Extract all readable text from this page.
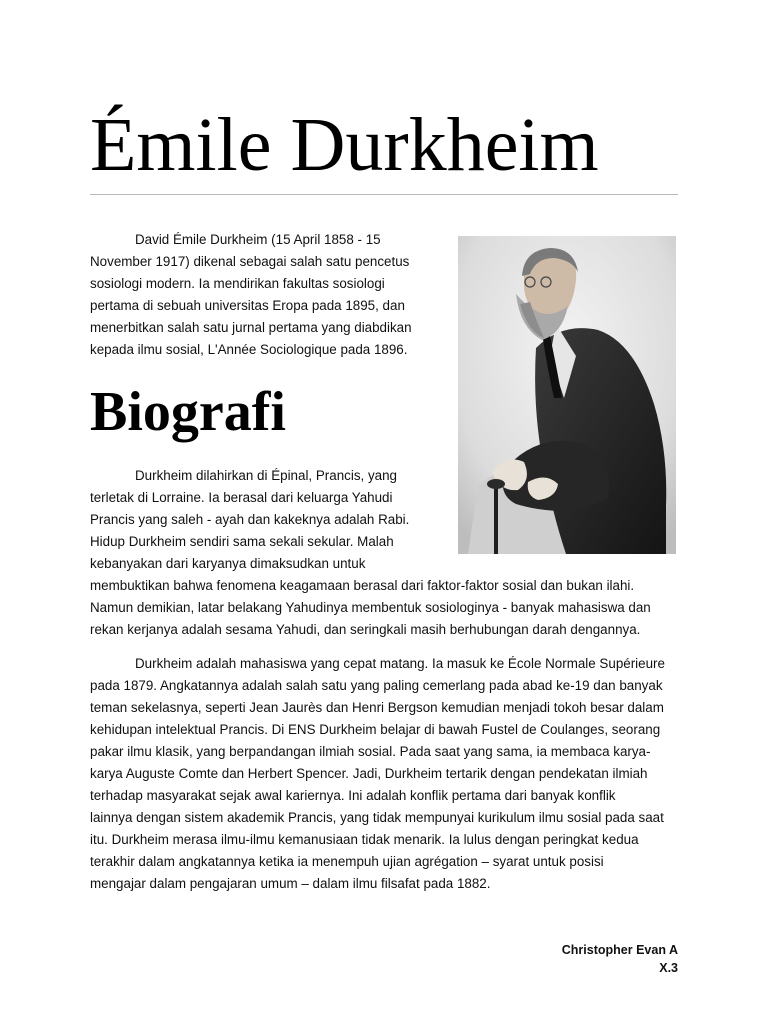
Émile Durkheim
David Émile Durkheim (15 April 1858 - 15
November 1917) dikenal sebagai salah satu pencetus
sosiologi modern. Ia mendirikan fakultas sosiologi
pertama di sebuah universitas Eropa pada 1895, dan
menerbitkan salah satu jurnal pertama yang diabdikan
kepada ilmu sosial, L'Année Sociologique pada 1896.
Biografi
Durkheim dilahirkan di Épinal, Prancis, yang
terletak di Lorraine. Ia berasal dari keluarga Yahudi
Prancis yang saleh - ayah dan kakeknya adalah Rabi.
Hidup Durkheim sendiri sama sekali sekular. Malah
kebanyakan dari karyanya dimaksudkan untuk
membuktikan bahwa fenomena keagamaan berasal dari faktor-faktor sosial dan bukan ilahi.
Namun demikian, latar belakang Yahudinya membentuk sosiologinya - banyak mahasiswa dan
rekan kerjanya adalah sesama Yahudi, dan seringkali masih berhubungan darah dengannya.
Durkheim adalah mahasiswa yang cepat matang. Ia masuk ke École Normale Supérieure
pada 1879. Angkatannya adalah salah satu yang paling cemerlang pada abad ke-19 dan banyak
teman sekelasnya, seperti Jean Jaurès dan Henri Bergson kemudian menjadi tokoh besar dalam
kehidupan intelektual Prancis. Di ENS Durkheim belajar di bawah Fustel de Coulanges, seorang
pakar ilmu klasik, yang berpandangan ilmiah sosial. Pada saat yang sama, ia membaca karya-
karya Auguste Comte dan Herbert Spencer. Jadi, Durkheim tertarik dengan pendekatan ilmiah
terhadap masyarakat sejak awal kariernya. Ini adalah konflik pertama dari banyak konflik
lainnya dengan sistem akademik Prancis, yang tidak mempunyai kurikulum ilmu sosial pada saat
itu. Durkheim merasa ilmu-ilmu kemanusiaan tidak menarik. Ia lulus dengan peringkat kedua
terakhir dalam angkatannya ketika ia menempuh ujian agrégation – syarat untuk posisi
mengajar dalam pengajaran umum – dalam ilmu filsafat pada 1882.
Christopher Evan A
X.3
